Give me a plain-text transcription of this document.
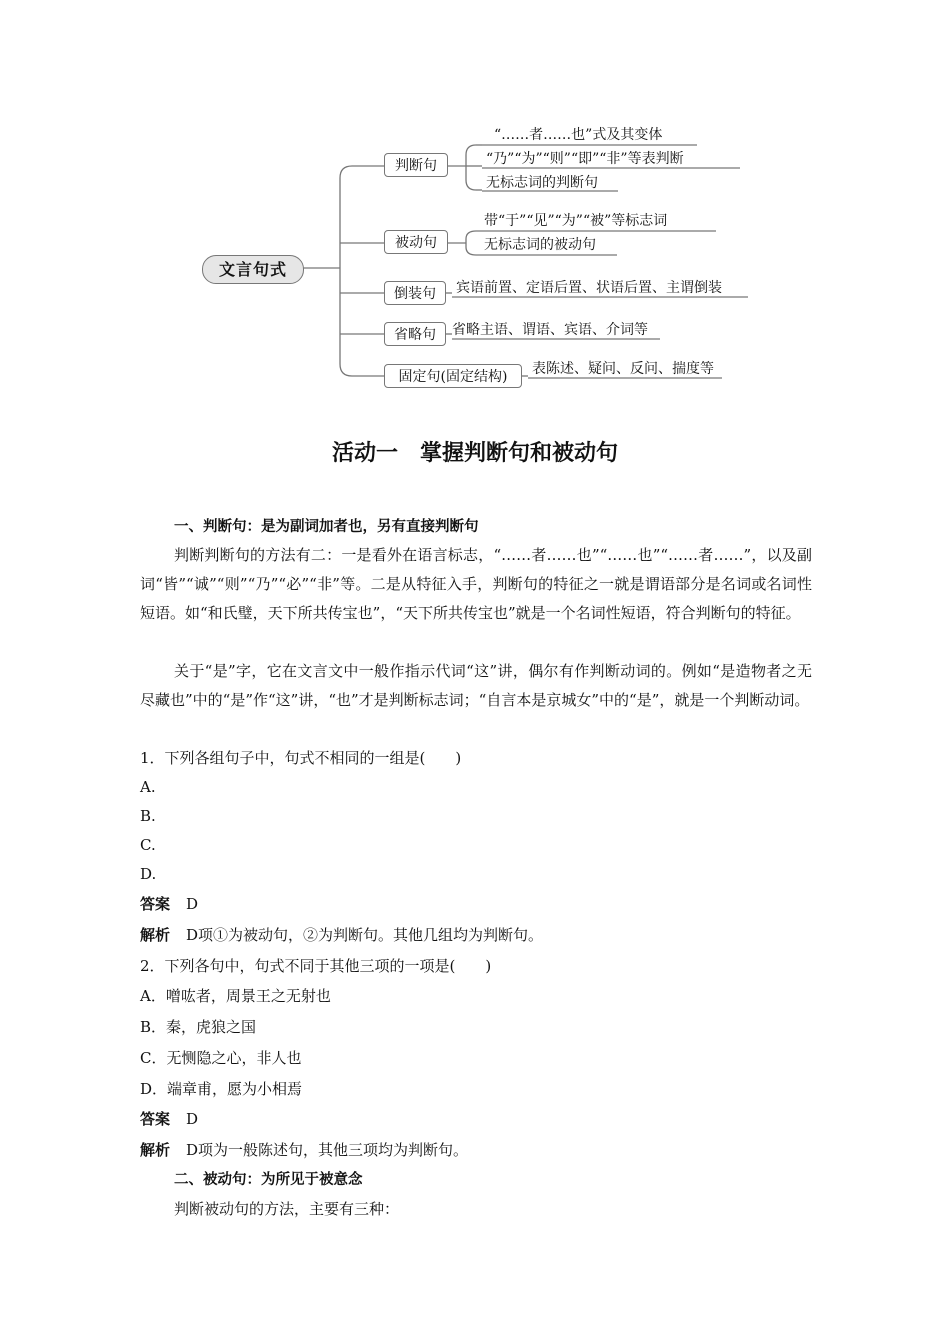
文言句式
判断句
“……者……也”式及其变体
“乃”“为”“则”“即”“非”等表判断
无标志词的判断句
被动句
带“于”“见”“为”“被”等标志词
无标志词的被动句
倒装句	宾语前置、定语后置、状语后置、主谓倒装
省略句	省略主语、谓语、宾语、介词等
固定句(固定结构)	表陈述、疑问、反问、揣度等
活动一　掌握判断句和被动句
一、判断句：是为副词加者也，另有直接判断句
判断判断句的方法有二：一是看外在语言标志，“……者……也”“……也”“……者……”，以及副词“皆”“诚”“则”“乃”“必”“非”等。二是从特征入手，判断句的特征之一就是谓语部分是名词或名词性短语。如“和氏璧，天下所共传宝也”，“天下所共传宝也”就是一个名词性短语，符合判断句的特征。
关于“是”字，它在文言文中一般作指示代词“这”讲，偶尔有作判断动词的。例如“是造物者之无尽藏也”中的“是”作“这”讲，“也”才是判断标志词；“自言本是京城女”中的“是”，就是一个判断动词。
1．下列各组句子中，句式不相同的一组是(　　)
A.
B.
C.
D.
答案 D
解析 D项①为被动句，②为判断句。其他几组均为判断句。
2．下列各句中，句式不同于其他三项的一项是(　　)
A．噌吰者，周景王之无射也
B．秦，虎狼之国
C．无恻隐之心，非人也
D．端章甫，愿为小相焉
答案 D
解析 D项为一般陈述句，其他三项均为判断句。
二、被动句：为所见于被意念
判断被动句的方法，主要有三种：
